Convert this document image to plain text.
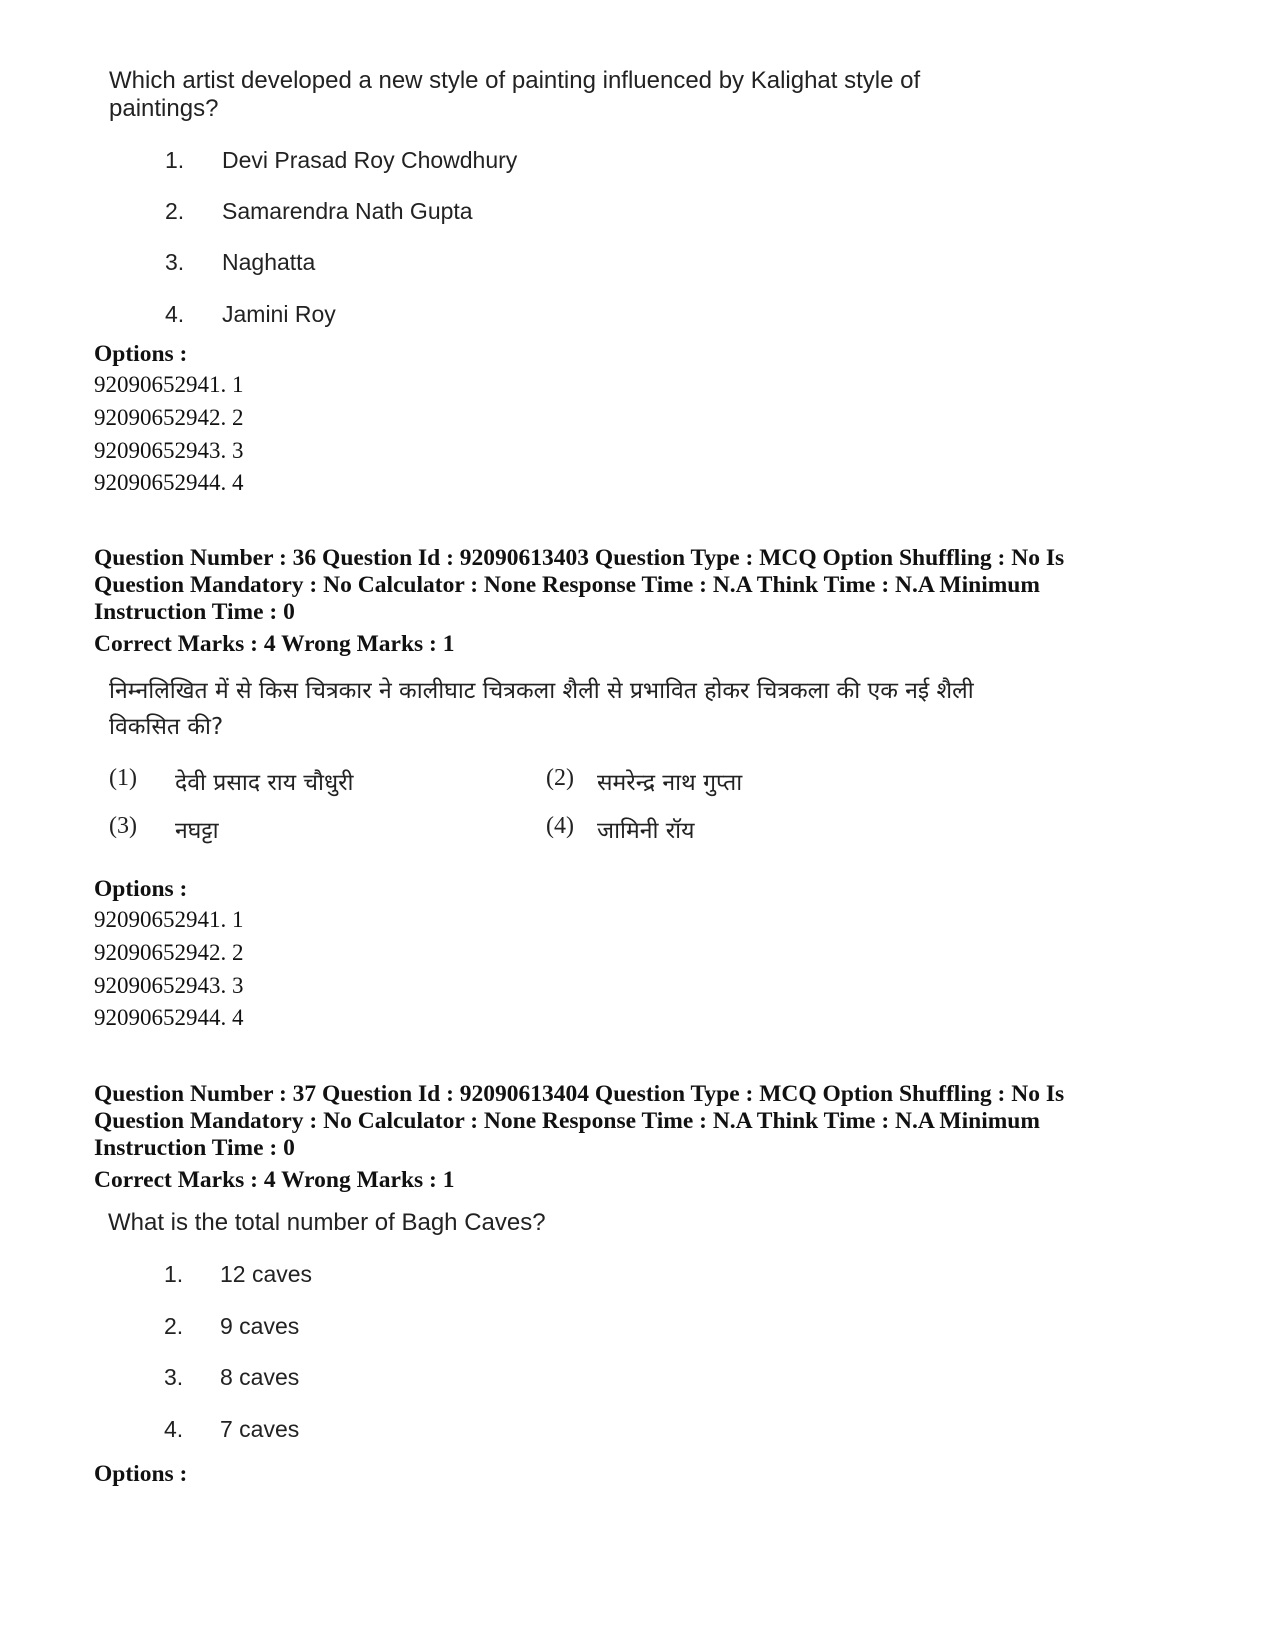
Which artist developed a new style of painting influenced by Kalighat style of
paintings?
1. Devi Prasad Roy Chowdhury
2. Samarendra Nath Gupta
3. Naghatta
4. Jamini Roy
Options :
92090652941. 1
92090652942. 2
92090652943. 3
92090652944. 4
Question Number : 36 Question Id : 92090613403 Question Type : MCQ Option Shuffling : No Is
Question Mandatory : No Calculator : None Response Time : N.A Think Time : N.A Minimum
Instruction Time : 0
Correct Marks : 4 Wrong Marks : 1
निम्नलिखित में से किस चित्रकार ने कालीघाट चित्रकला शैली से प्रभावित होकर चित्रकला की एक नई शैली
विकसित की?
(1) देवी प्रसाद राय चौधुरी	(2) समरेन्द्र नाथ गुप्ता
(3) नघट्टा	(4) जामिनी रॉय
Options :
92090652941. 1
92090652942. 2
92090652943. 3
92090652944. 4
Question Number : 37 Question Id : 92090613404 Question Type : MCQ Option Shuffling : No Is
Question Mandatory : No Calculator : None Response Time : N.A Think Time : N.A Minimum
Instruction Time : 0
Correct Marks : 4 Wrong Marks : 1
What is the total number of Bagh Caves?
1. 12 caves
2. 9 caves
3. 8 caves
4. 7 caves
Options :
